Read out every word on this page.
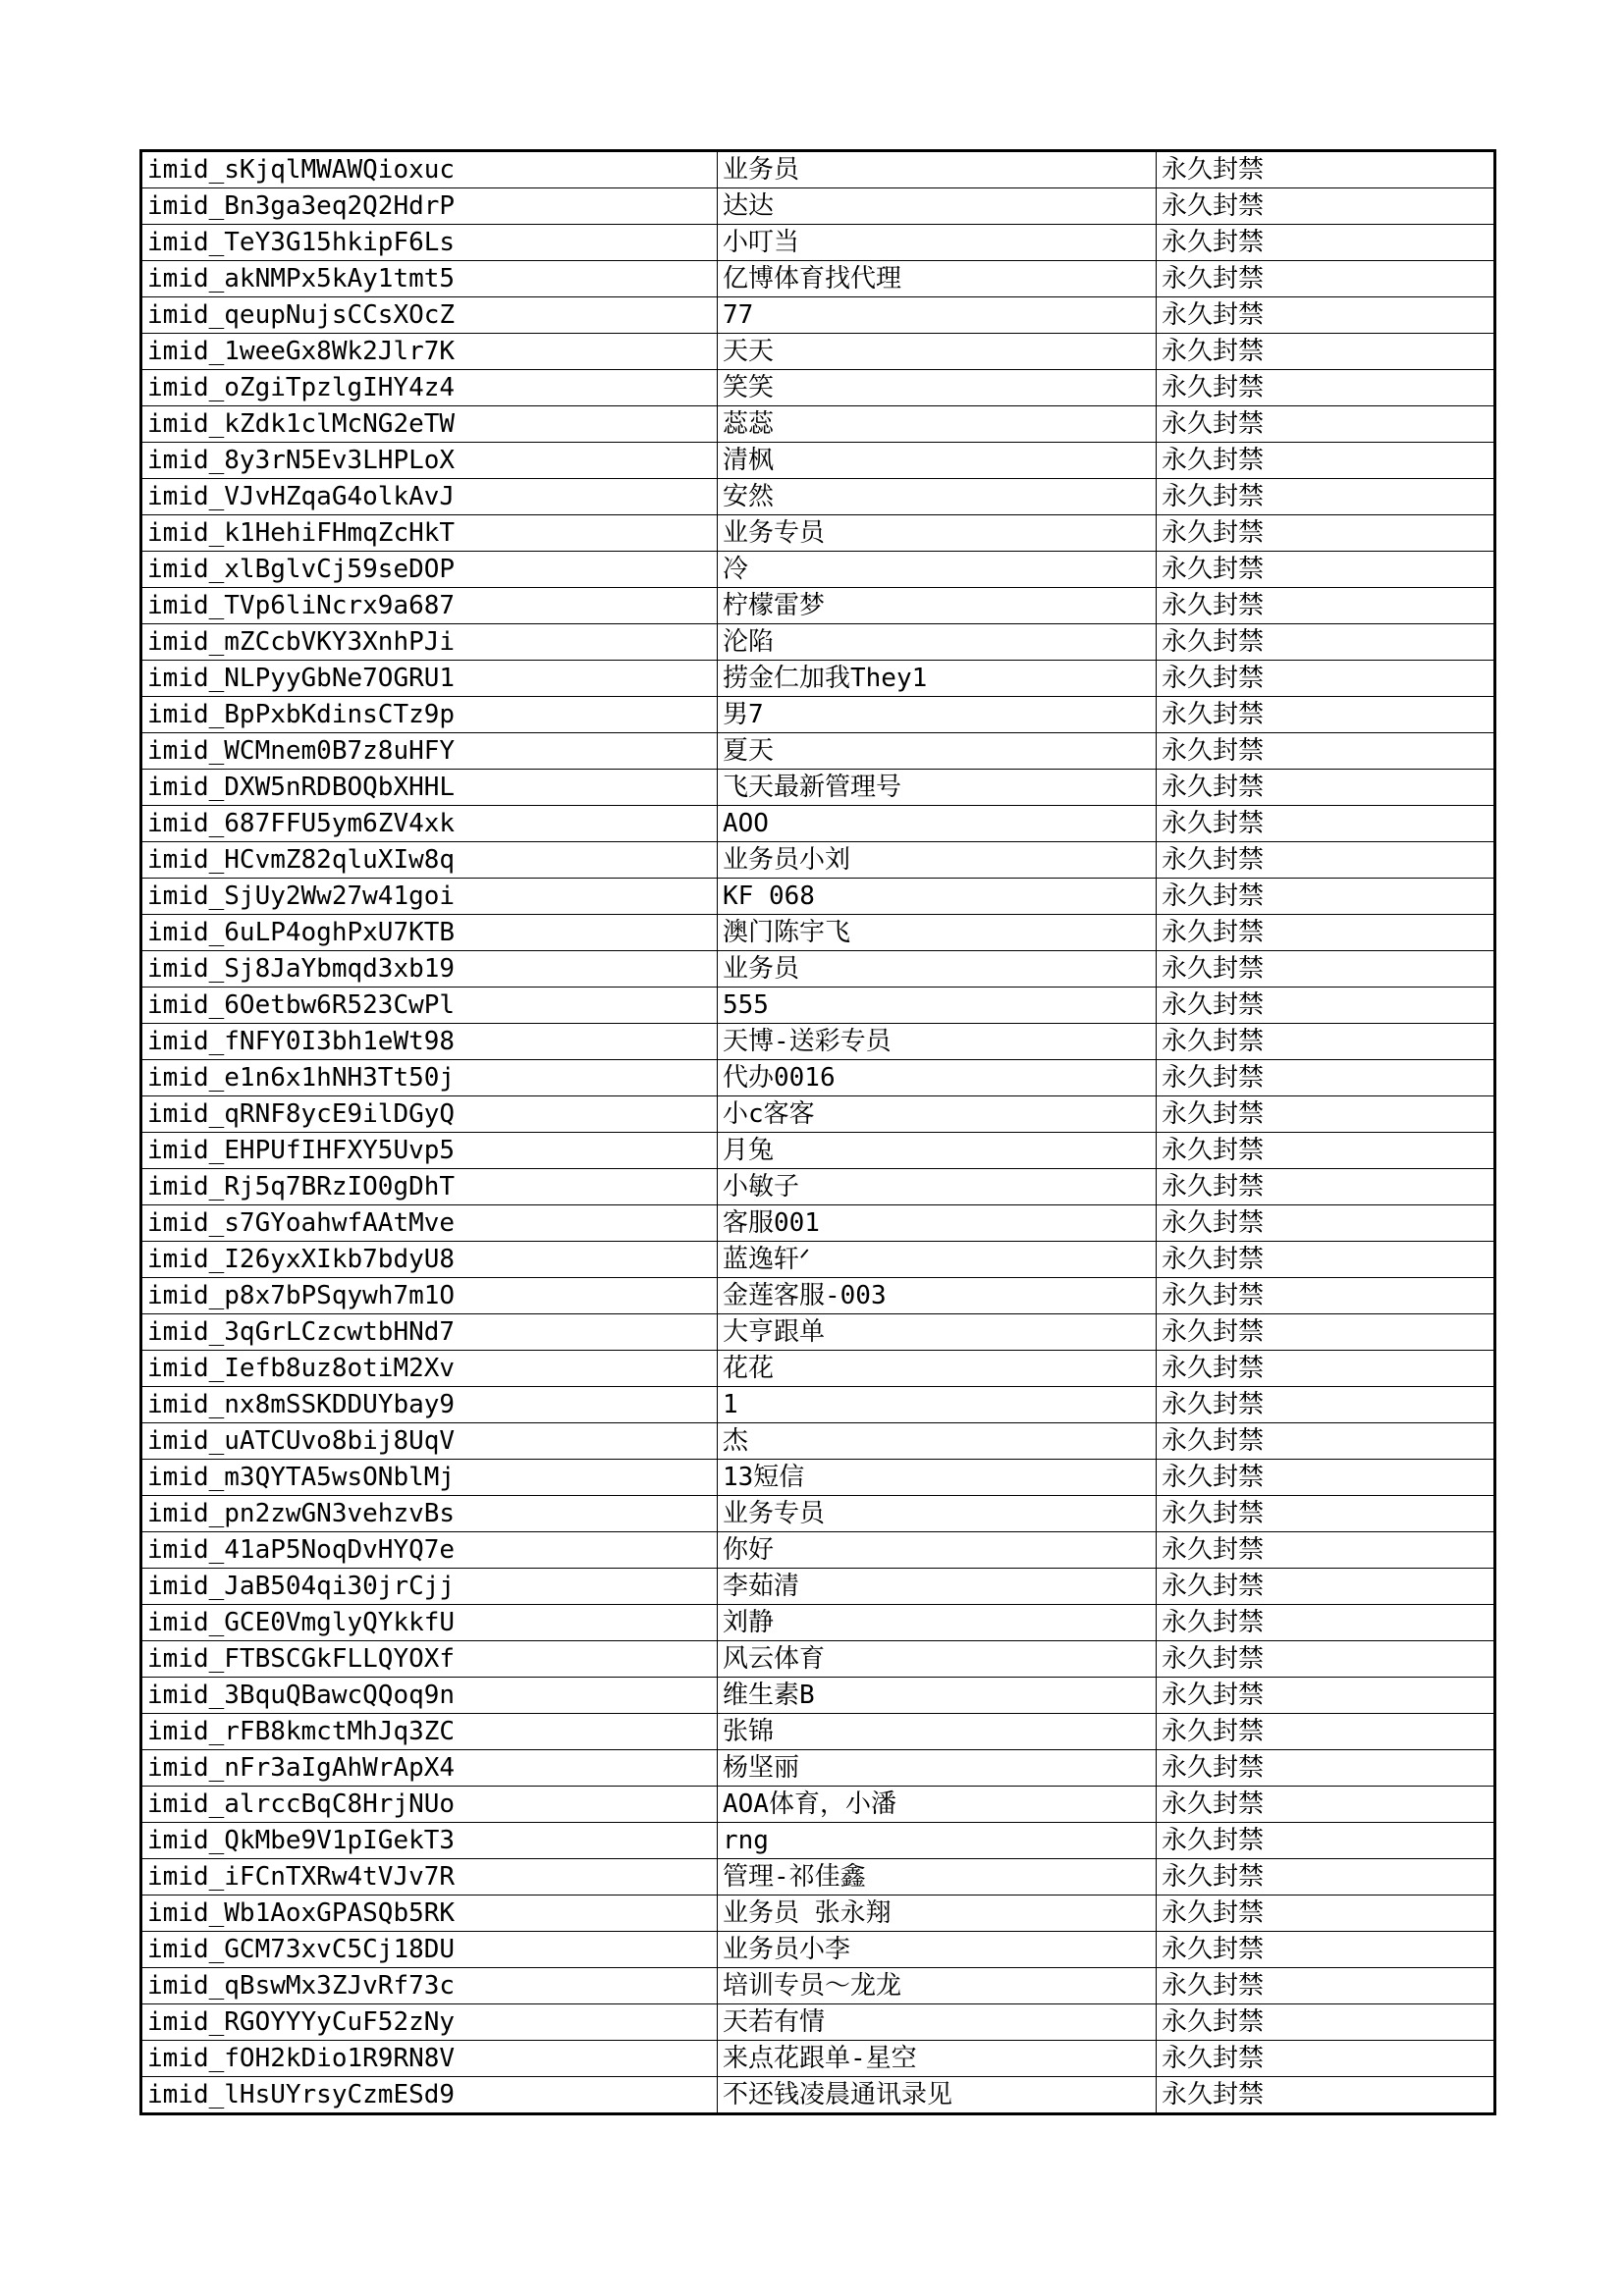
imid_sKjqlMWAWQioxuc	业务员	永久封禁
imid_Bn3ga3eq2Q2HdrP	达达	永久封禁
imid_TeY3G15hkipF6Ls	小叮当	永久封禁
imid_akNMPx5kAy1tmt5	亿博体育找代理	永久封禁
imid_qeupNujsCCsXOcZ	77	永久封禁
imid_1weeGx8Wk2Jlr7K	天天	永久封禁
imid_oZgiTpzlgIHY4z4	笑笑	永久封禁
imid_kZdk1clMcNG2eTW	蕊蕊	永久封禁
imid_8y3rN5Ev3LHPLoX	清枫	永久封禁
imid_VJvHZqaG4olkAvJ	安然	永久封禁
imid_k1HehiFHmqZcHkT	业务专员	永久封禁
imid_xlBglvCj59seDOP	冷	永久封禁
imid_TVp6liNcrx9a687	柠檬雷梦	永久封禁
imid_mZCcbVKY3XnhPJi	沦陷	永久封禁
imid_NLPyyGbNe7OGRU1	捞金仁加我They1	永久封禁
imid_BpPxbKdinsCTz9p	男7	永久封禁
imid_WCMnem0B7z8uHFY	夏天	永久封禁
imid_DXW5nRDBOQbXHHL	飞天最新管理号	永久封禁
imid_687FFU5ym6ZV4xk	AOO	永久封禁
imid_HCvmZ82qluXIw8q	业务员小刘	永久封禁
imid_SjUy2Ww27w41goi	KF 068	永久封禁
imid_6uLP4oghPxU7KTB	澳门陈宇飞	永久封禁
imid_Sj8JaYbmqd3xb19	业务员	永久封禁
imid_6Oetbw6R523CwPl	555	永久封禁
imid_fNFY0I3bh1eWt98	天博-送彩专员	永久封禁
imid_e1n6x1hNH3Tt50j	代办0016	永久封禁
imid_qRNF8ycE9ilDGyQ	小c客客	永久封禁
imid_EHPUfIHFXY5Uvp5	月兔	永久封禁
imid_Rj5q7BRzIO0gDhT	小敏子	永久封禁
imid_s7GYoahwfAAtMve	客服001	永久封禁
imid_I26yxXIkb7bdyU8	蓝逸轩ᐟ	永久封禁
imid_p8x7bPSqywh7m1O	金莲客服-003	永久封禁
imid_3qGrLCzcwtbHNd7	大亨跟单	永久封禁
imid_Iefb8uz8otiM2Xv	花花	永久封禁
imid_nx8mSSKDDUYbay9	1	永久封禁
imid_uATCUvo8bij8UqV	杰	永久封禁
imid_m3QYTA5wsONblMj	13短信	永久封禁
imid_pn2zwGN3vehzvBs	业务专员	永久封禁
imid_41aP5NoqDvHYQ7e	你好	永久封禁
imid_JaB504qi30jrCjj	李茹清	永久封禁
imid_GCE0VmglyQYkkfU	刘静	永久封禁
imid_FTBSCGkFLLQYOXf	风云体育	永久封禁
imid_3BquQBawcQQoq9n	维生素B	永久封禁
imid_rFB8kmctMhJq3ZC	张锦	永久封禁
imid_nFr3aIgAhWrApX4	杨坚丽	永久封禁
imid_alrccBqC8HrjNUo	AOA体育，小潘	永久封禁
imid_QkMbe9V1pIGekT3	rng	永久封禁
imid_iFCnTXRw4tVJv7R	管理-祁佳鑫	永久封禁
imid_Wb1AoxGPASQb5RK	业务员 张永翔	永久封禁
imid_GCM73xvC5Cj18DU	业务员小李	永久封禁
imid_qBswMx3ZJvRf73c	培训专员～龙龙	永久封禁
imid_RGOYYYyCuF52zNy	天若有情	永久封禁
imid_fOH2kDio1R9RN8V	来点花跟单-星空	永久封禁
imid_lHsUYrsyCzmESd9	不还钱凌晨通讯录见	永久封禁
